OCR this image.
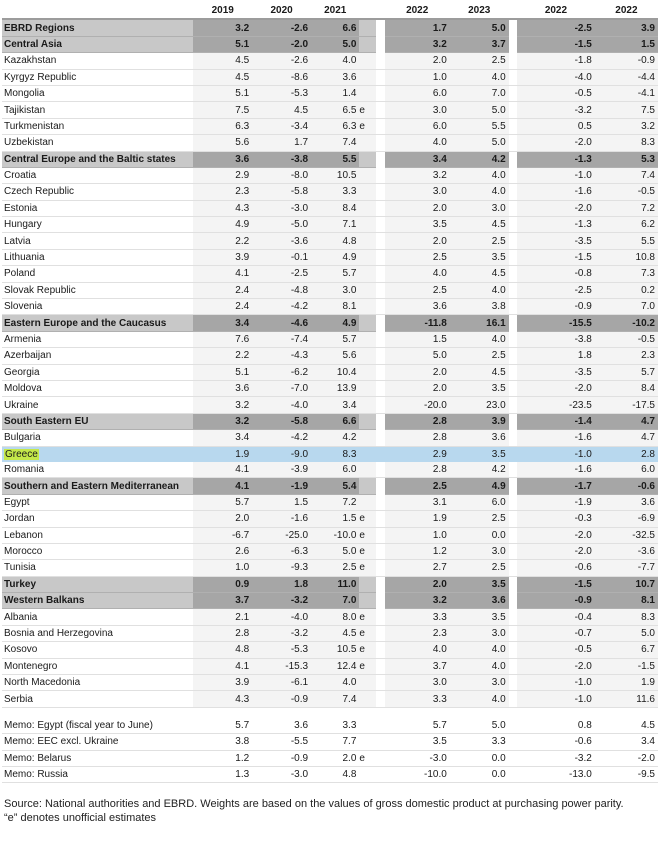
	2019	2020	2021			2022	2023		2022	2022
EBRD Regions	3.2	-2.6	6.6			1.7	5.0		-2.5	3.9
Central Asia	5.1	-2.0	5.0			3.2	3.7		-1.5	1.5
Kazakhstan	4.5	-2.6	4.0			2.0	2.5		-1.8	-0.9
Kyrgyz Republic	4.5	-8.6	3.6			1.0	4.0		-4.0	-4.4
Mongolia	5.1	-5.3	1.4			6.0	7.0		-0.5	-4.1
Tajikistan	7.5	4.5	6.5	e		3.0	5.0		-3.2	7.5
Turkmenistan	6.3	-3.4	6.3	e		6.0	5.5		0.5	3.2
Uzbekistan	5.6	1.7	7.4			4.0	5.0		-2.0	8.3
Central Europe and the Baltic states	3.6	-3.8	5.5			3.4	4.2		-1.3	5.3
Croatia	2.9	-8.0	10.5			3.2	4.0		-1.0	7.4
Czech Republic	2.3	-5.8	3.3			3.0	4.0		-1.6	-0.5
Estonia	4.3	-3.0	8.4			2.0	3.0		-2.0	7.2
Hungary	4.9	-5.0	7.1			3.5	4.5		-1.3	6.2
Latvia	2.2	-3.6	4.8			2.0	2.5		-3.5	5.5
Lithuania	3.9	-0.1	4.9			2.5	3.5		-1.5	10.8
Poland	4.1	-2.5	5.7			4.0	4.5		-0.8	7.3
Slovak Republic	2.4	-4.8	3.0			2.5	4.0		-2.5	0.2
Slovenia	2.4	-4.2	8.1			3.6	3.8		-0.9	7.0
Eastern Europe and the Caucasus	3.4	-4.6	4.9			-11.8	16.1		-15.5	-10.2
Armenia	7.6	-7.4	5.7			1.5	4.0		-3.8	-0.5
Azerbaijan	2.2	-4.3	5.6			5.0	2.5		1.8	2.3
Georgia	5.1	-6.2	10.4			2.0	4.5		-3.5	5.7
Moldova	3.6	-7.0	13.9			2.0	3.5		-2.0	8.4
Ukraine	3.2	-4.0	3.4			-20.0	23.0		-23.5	-17.5
South Eastern EU	3.2	-5.8	6.6			2.8	3.9		-1.4	4.7
Bulgaria	3.4	-4.2	4.2			2.8	3.6		-1.6	4.7
Greece	1.9	-9.0	8.3			2.9	3.5		-1.0	2.8
Romania	4.1	-3.9	6.0			2.8	4.2		-1.6	6.0
Southern and Eastern Mediterranean	4.1	-1.9	5.4			2.5	4.9		-1.7	-0.6
Egypt	5.7	1.5	7.2			3.1	6.0		-1.9	3.6
Jordan	2.0	-1.6	1.5	e		1.9	2.5		-0.3	-6.9
Lebanon	-6.7	-25.0	-10.0	e		1.0	0.0		-2.0	-32.5
Morocco	2.6	-6.3	5.0	e		1.2	3.0		-2.0	-3.6
Tunisia	1.0	-9.3	2.5	e		2.7	2.5		-0.6	-7.7
Turkey	0.9	1.8	11.0			2.0	3.5		-1.5	10.7
Western Balkans	3.7	-3.2	7.0			3.2	3.6		-0.9	8.1
Albania	2.1	-4.0	8.0	e		3.3	3.5		-0.4	8.3
Bosnia and Herzegovina	2.8	-3.2	4.5	e		2.3	3.0		-0.7	5.0
Kosovo	4.8	-5.3	10.5	e		4.0	4.0		-0.5	6.7
Montenegro	4.1	-15.3	12.4	e		3.7	4.0		-2.0	-1.5
North Macedonia	3.9	-6.1	4.0			3.0	3.0		-1.0	1.9
Serbia	4.3	-0.9	7.4			3.3	4.0		-1.0	11.6

Memo: Egypt (fiscal year to June)	5.7	3.6	3.3			5.7	5.0		0.8	4.5
Memo: EEC excl. Ukraine	3.8	-5.5	7.7			3.5	3.3		-0.6	3.4
Memo: Belarus	1.2	-0.9	2.0	e		-3.0	0.0		-3.2	-2.0
Memo: Russia	1.3	-3.0	4.8			-10.0	0.0		-13.0	-9.5
Source: National authorities and EBRD. Weights are based on the values of gross domestic product at purchasing power parity.
“e” denotes unofficial estimates
